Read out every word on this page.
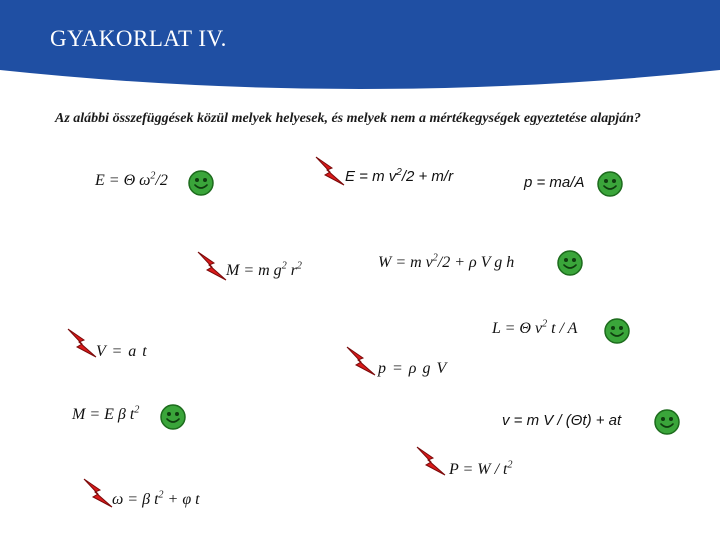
GYAKORLAT IV.
Az alábbi összefüggések közül melyek helyesek, és melyek nem a mértékegységek egyeztetése alapján?
E = Θ $\omega^2/2$	E = m $v^2/2 + m/r$	p = ma/A
M = m $g^2$ $r^2$	W = m $v^2/2 + \rho$ V g h
L = Θ $v^2$ t / A
V = a t
p = ρ g V
M = E β $t^2$
v = m V / (Θt) + at
$P = W / t^2$
ω = β $t^2 + \varphi$ t
